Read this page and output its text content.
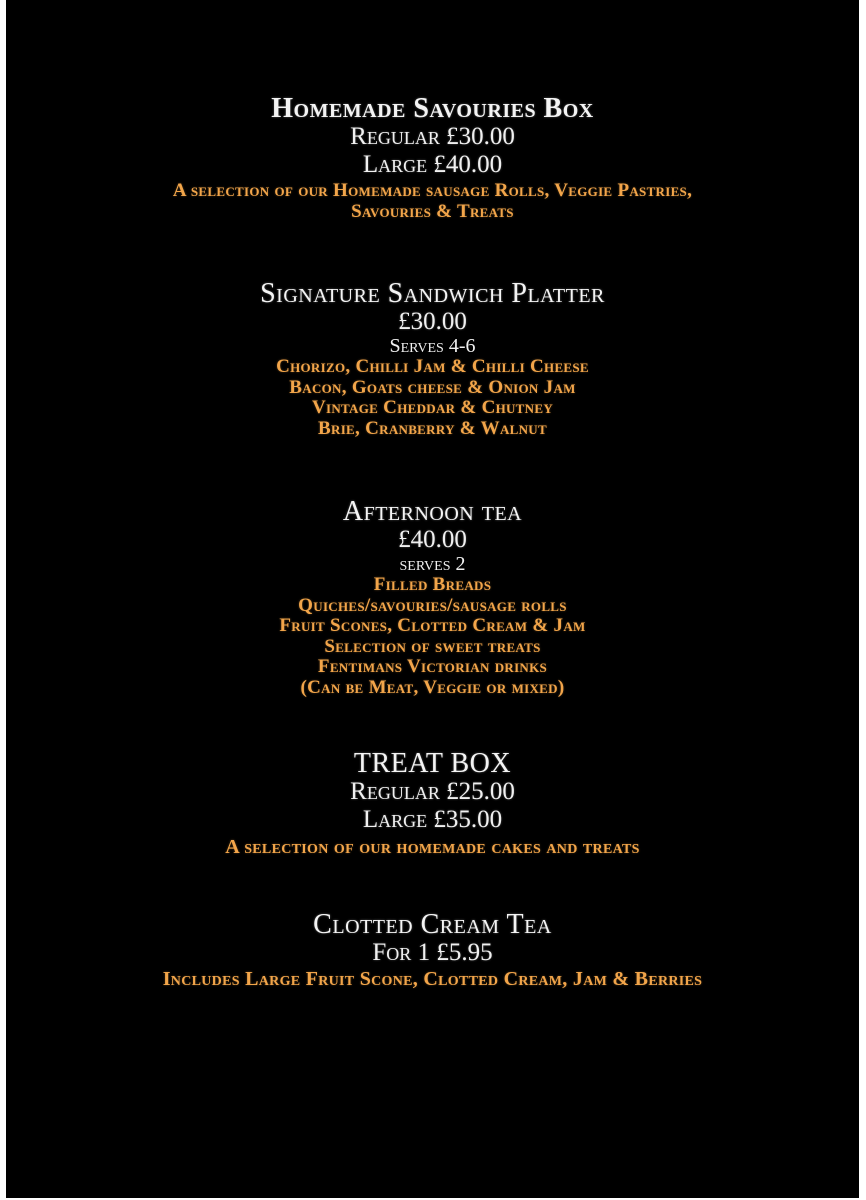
Homemade Savouries Box
Regular £30.00
Large £40.00
A selection of our Homemade sausage Rolls, Veggie Pastries,
Savouries & Treats
Signature Sandwich Platter
£30.00
Serves 4-6
Chorizo, Chilli Jam & Chilli Cheese
Bacon, Goats cheese & Onion Jam
Vintage Cheddar & Chutney
Brie, Cranberry & Walnut
Afternoon tea
£40.00
serves 2
Filled Breads
Quiches/savouries/sausage rolls
Fruit Scones, Clotted Cream & Jam
Selection of sweet treats
Fentimans Victorian drinks
(Can be Meat, Veggie or mixed)
TREAT BOX
Regular £25.00
Large £35.00
A selection of our homemade cakes and treats
Clotted Cream Tea
For 1 £5.95
Includes Large Fruit Scone, Clotted Cream, Jam & Berries
